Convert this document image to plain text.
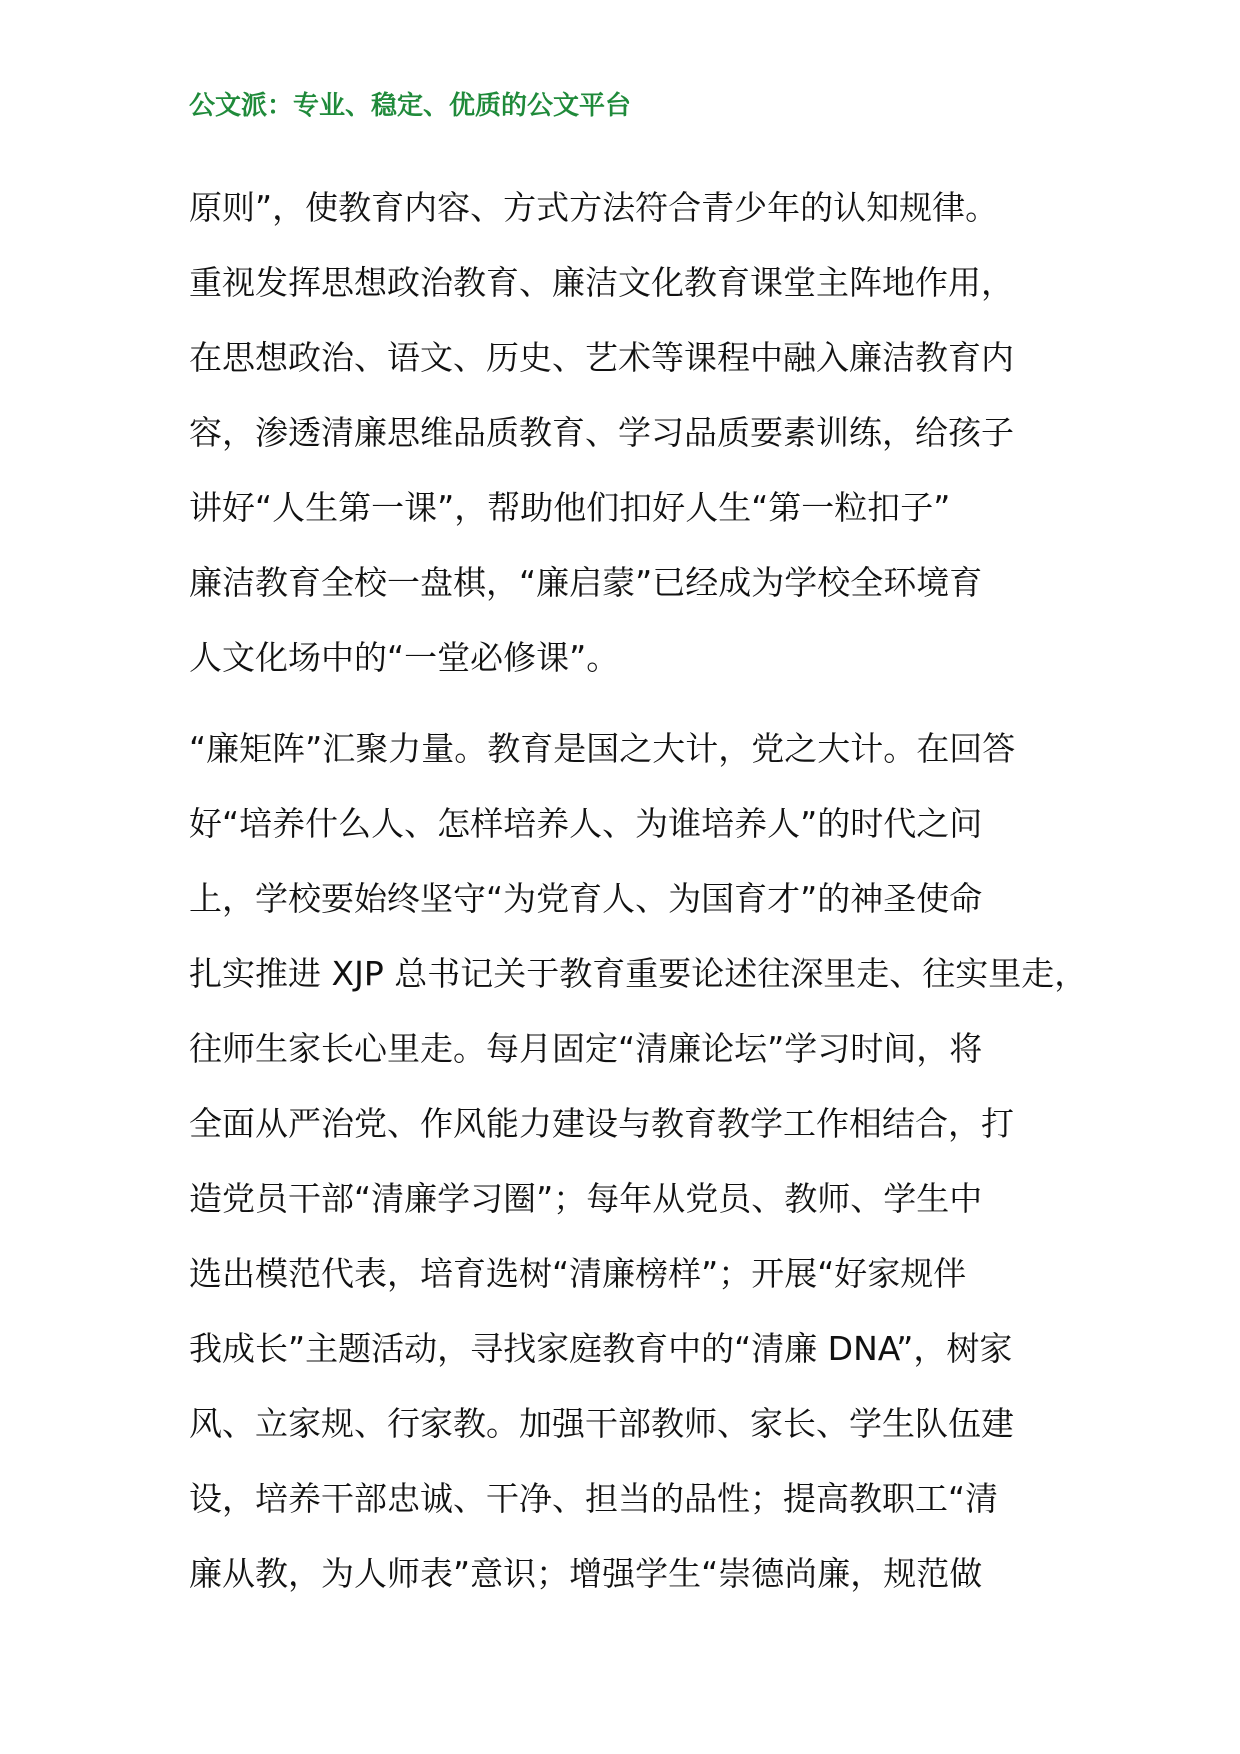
公文派：专业、稳定、优质的公文平台
原则”，使教育内容、方式方法符合青少年的认知规律。
重视发挥思想政治教育、廉洁文化教育课堂主阵地作用，
在思想政治、语文、历史、艺术等课程中融入廉洁教育内
容，渗透清廉思维品质教育、学习品质要素训练，给孩子
讲好“人生第一课”，帮助他们扣好人生“第一粒扣子”
廉洁教育全校一盘棋，“廉启蒙”已经成为学校全环境育
人文化场中的“一堂必修课”。
“廉矩阵”汇聚力量。教育是国之大计，党之大计。在回答
好“培养什么人、怎样培养人、为谁培养人”的时代之问
上，学校要始终坚守“为党育人、为国育才”的神圣使命
扎实推进 XJP 总书记关于教育重要论述往深里走、往实里走，
往师生家长心里走。每月固定“清廉论坛”学习时间，将
全面从严治党、作风能力建设与教育教学工作相结合，打
造党员干部“清廉学习圈”；每年从党员、教师、学生中
选出模范代表，培育选树“清廉榜样”；开展“好家规伴
我成长”主题活动，寻找家庭教育中的“清廉 DNA”，树家
风、立家规、行家教。加强干部教师、家长、学生队伍建
设，培养干部忠诚、干净、担当的品性；提高教职工“清
廉从教，为人师表”意识；增强学生“崇德尚廉，规范做
